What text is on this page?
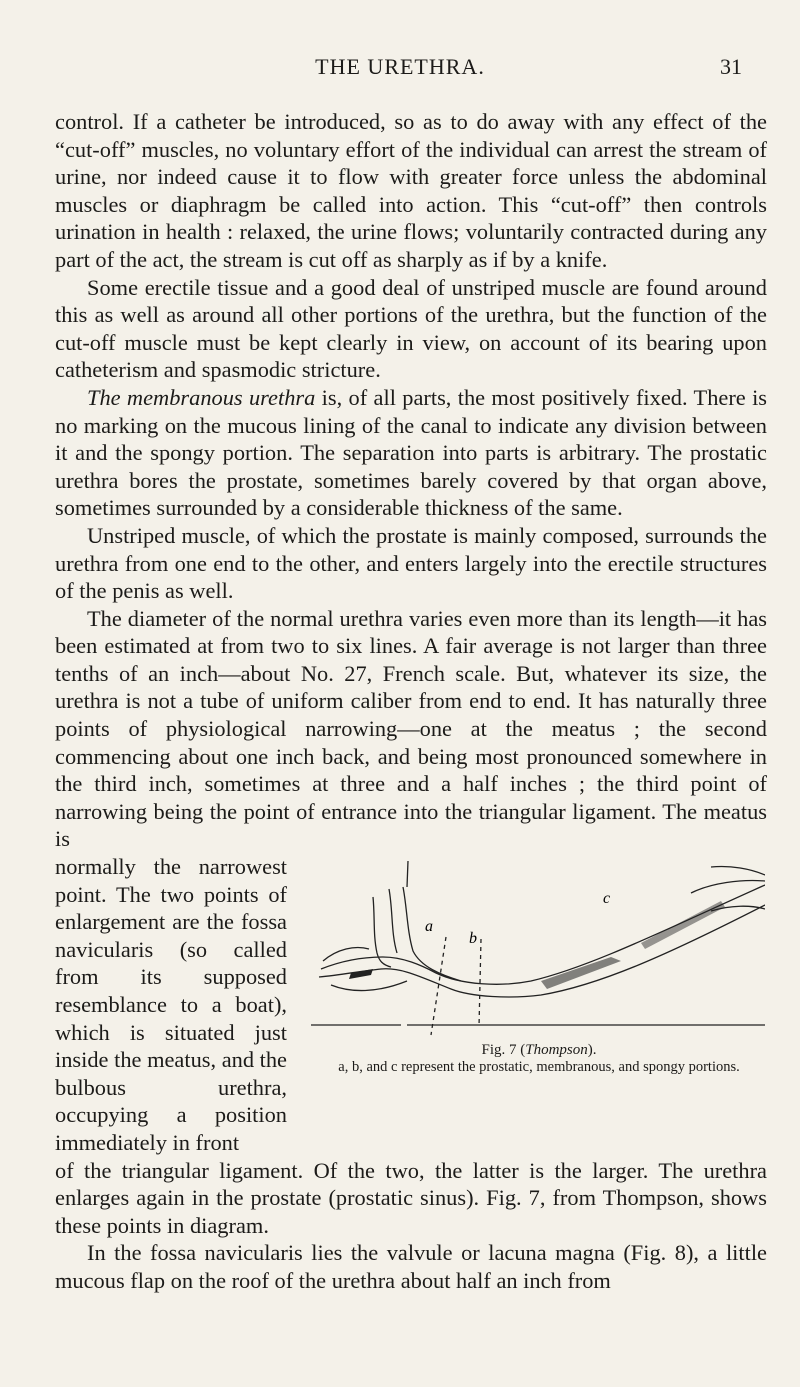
THE URETHRA.	31

control. If a catheter be introduced, so as to do away with any effect of the “cut-off” muscles, no voluntary effort of the individual can arrest the stream of urine, nor indeed cause it to flow with greater force unless the abdominal muscles or diaphragm be called into action. This “cut-off” then controls urination in health : relaxed, the urine flows; voluntarily contracted during any part of the act, the stream is cut off as sharply as if by a knife.

Some erectile tissue and a good deal of unstriped muscle are found around this as well as around all other portions of the urethra, but the function of the cut-off muscle must be kept clearly in view, on account of its bearing upon catheterism and spasmodic stricture.

The membranous urethra is, of all parts, the most positively fixed. There is no marking on the mucous lining of the canal to indicate any division between it and the spongy portion. The separation into parts is arbitrary. The prostatic urethra bores the prostate, sometimes barely covered by that organ above, sometimes surrounded by a considerable thickness of the same.

Unstriped muscle, of which the prostate is mainly composed, surrounds the urethra from one end to the other, and enters largely into the erectile structures of the penis as well.

The diameter of the normal urethra varies even more than its length—it has been estimated at from two to six lines. A fair average is not larger than three tenths of an inch—about No. 27, French scale. But, whatever its size, the urethra is not a tube of uniform caliber from end to end. It has naturally three points of physiological narrowing—one at the meatus ; the second commencing about one inch back, and being most pronounced somewhere in the third inch, sometimes at three and a half inches ; the third point of narrowing being the point of entrance into the triangular ligament. The meatus is

normally the narrowest point. The two points of enlargement are the fossa navicularis (so called from its supposed resemblance to a boat), which is situated just inside the meatus, and the bulbous urethra, occupying a position immediately in front
a
b
c
Fig. 7 (Thompson).
a, b, and c represent the prostatic, membranous, and spongy portions.

of the triangular ligament. Of the two, the latter is the larger. The urethra enlarges again in the prostate (prostatic sinus). Fig. 7, from Thompson, shows these points in diagram.

In the fossa navicularis lies the valvule or lacuna magna (Fig. 8), a little mucous flap on the roof of the urethra about half an inch from
